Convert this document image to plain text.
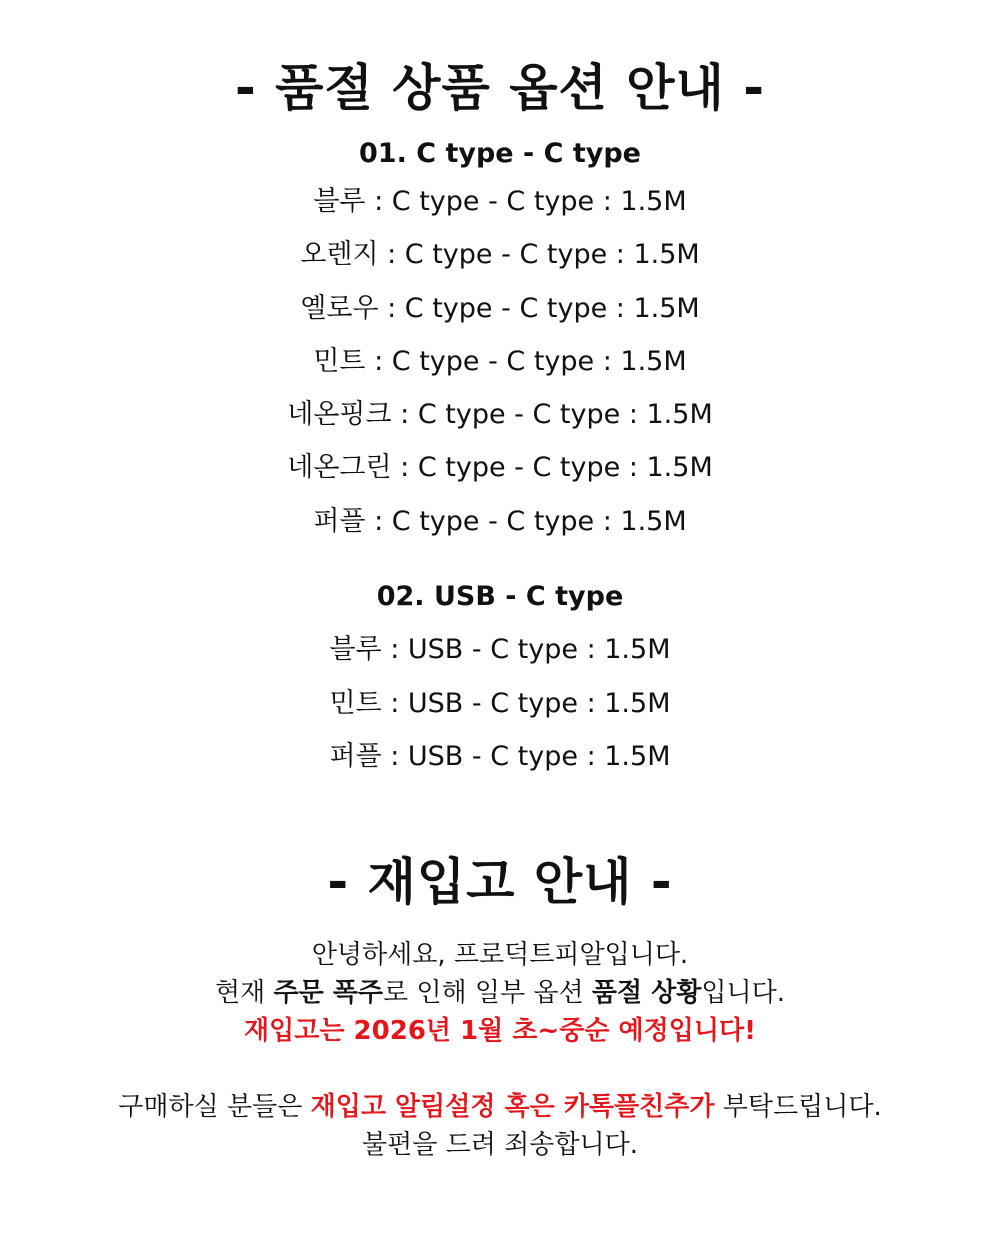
- 품절 상품 옵션 안내 -

01. C type - C type

블루 : C type - C type : 1.5M

오렌지 : C type - C type : 1.5M

옐로우 : C type - C type : 1.5M

민트 : C type - C type : 1.5M

네온핑크 : C type - C type : 1.5M

네온그린 : C type - C type : 1.5M

퍼플 : C type - C type : 1.5M

02. USB - C type

블루 : USB - C type : 1.5M

민트 : USB - C type : 1.5M

퍼플 : USB - C type : 1.5M

- 재입고 안내 -

안녕하세요, 프로덕트피알입니다.

현재 주문 폭주로 인해 일부 옵션 품절 상황입니다.

재입고는 2026년 1월 초~중순 예정입니다!

구매하실 분들은 재입고 알림설정 혹은 카톡플친추가 부탁드립니다.

불편을 드려 죄송합니다.
